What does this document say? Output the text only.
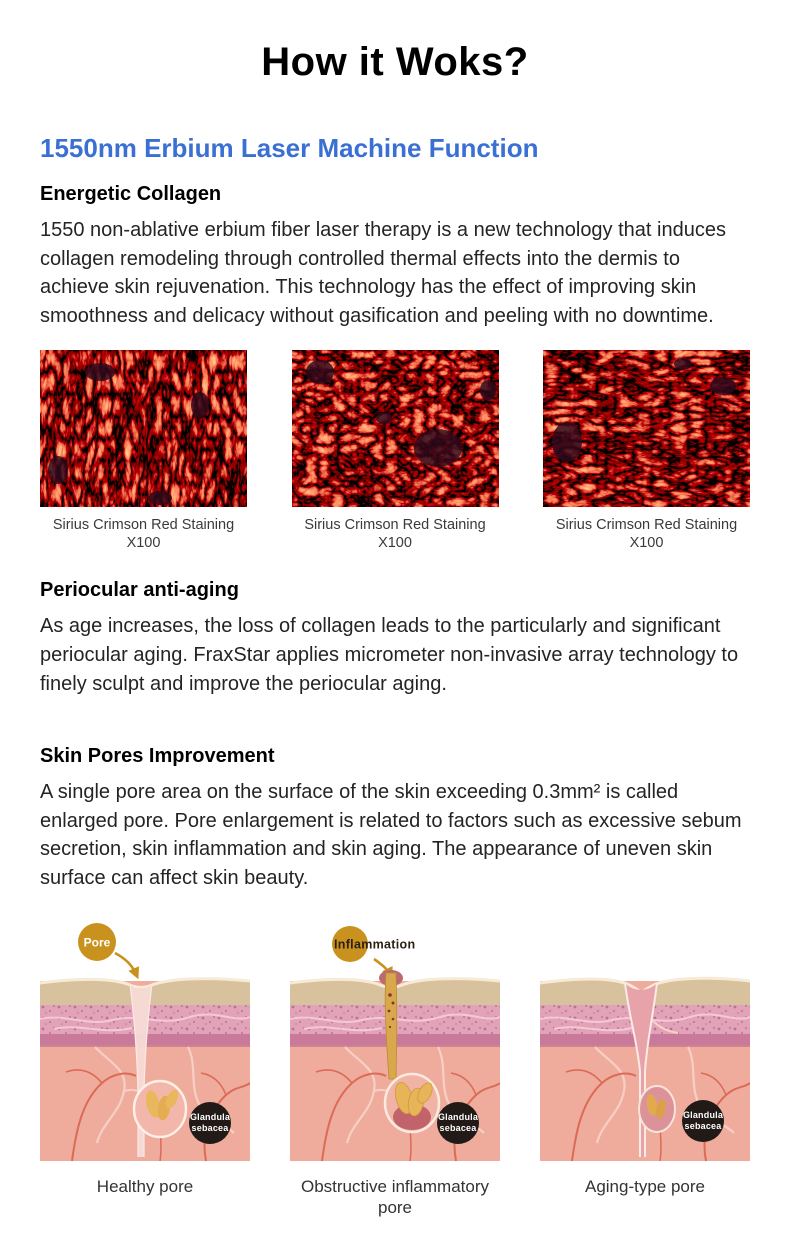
How it Woks?
1550nm Erbium Laser Machine Function
Energetic Collagen

1550 non-ablative erbium fiber laser therapy is a new technology that induces collagen remodeling through controlled thermal effects into the dermis to achieve skin rejuvenation. This technology has the effect of improving skin smoothness and delicacy without gasification and peeling with no downtime.

Sirius Crimson Red Staining X100
Sirius Crimson Red Staining X100
Sirius Crimson Red Staining X100
Periocular anti-aging

As age increases, the loss of collagen leads to the particularly and significant periocular aging. FraxStar applies micrometer non-invasive array technology to finely sculpt and improve the periocular aging.

Skin Pores Improvement

A single pore area on the surface of the skin exceeding 0.3mm² is called enlarged pore. Pore enlargement is related to factors such as excessive sebum secretion, skin inflammation and skin aging. The appearance of uneven skin surface can affect skin beauty.

Pore
Glandula
sebacea
Healthy pore
Inflammation
Glandula
sebacea
Obstructive inflammatory pore
Glandula
sebacea
Aging-type pore
